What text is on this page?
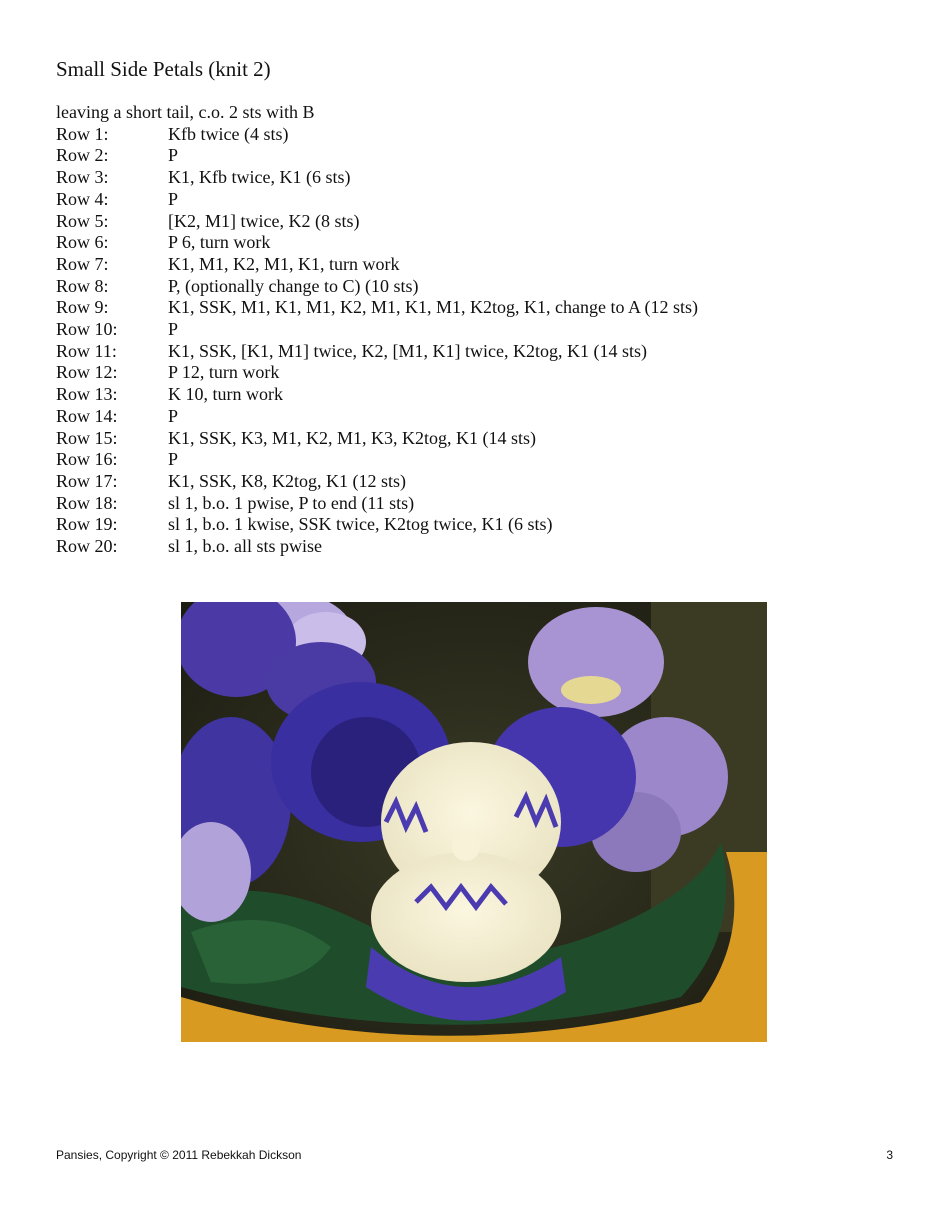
Small Side Petals (knit 2)
leaving a short tail, c.o. 2 sts with B
Row 1:	Kfb twice (4 sts)
Row 2:	P
Row 3:	K1, Kfb twice, K1 (6 sts)
Row 4:	P
Row 5:	[K2, M1] twice, K2 (8 sts)
Row 6:	P 6, turn work
Row 7:	K1, M1, K2, M1, K1, turn work
Row 8:	P, (optionally change to C) (10 sts)
Row 9:	K1, SSK, M1, K1, M1, K2, M1, K1, M1, K2tog, K1, change to A (12 sts)
Row 10:	P
Row 11:	K1, SSK, [K1, M1] twice, K2, [M1, K1] twice, K2tog, K1 (14 sts)
Row 12:	P 12, turn work
Row 13:	K 10, turn work
Row 14:	P
Row 15:	K1, SSK, K3, M1, K2, M1, K3, K2tog, K1 (14 sts)
Row 16:	P
Row 17:	K1, SSK, K8, K2tog, K1 (12 sts)
Row 18:	sl 1, b.o. 1 pwise, P to end (11 sts)
Row 19:	sl 1, b.o. 1 kwise, SSK twice, K2tog twice, K1 (6 sts)
Row 20:	sl 1, b.o. all sts pwise
Pansies, Copyright © 2011 Rebekkah Dickson	3
